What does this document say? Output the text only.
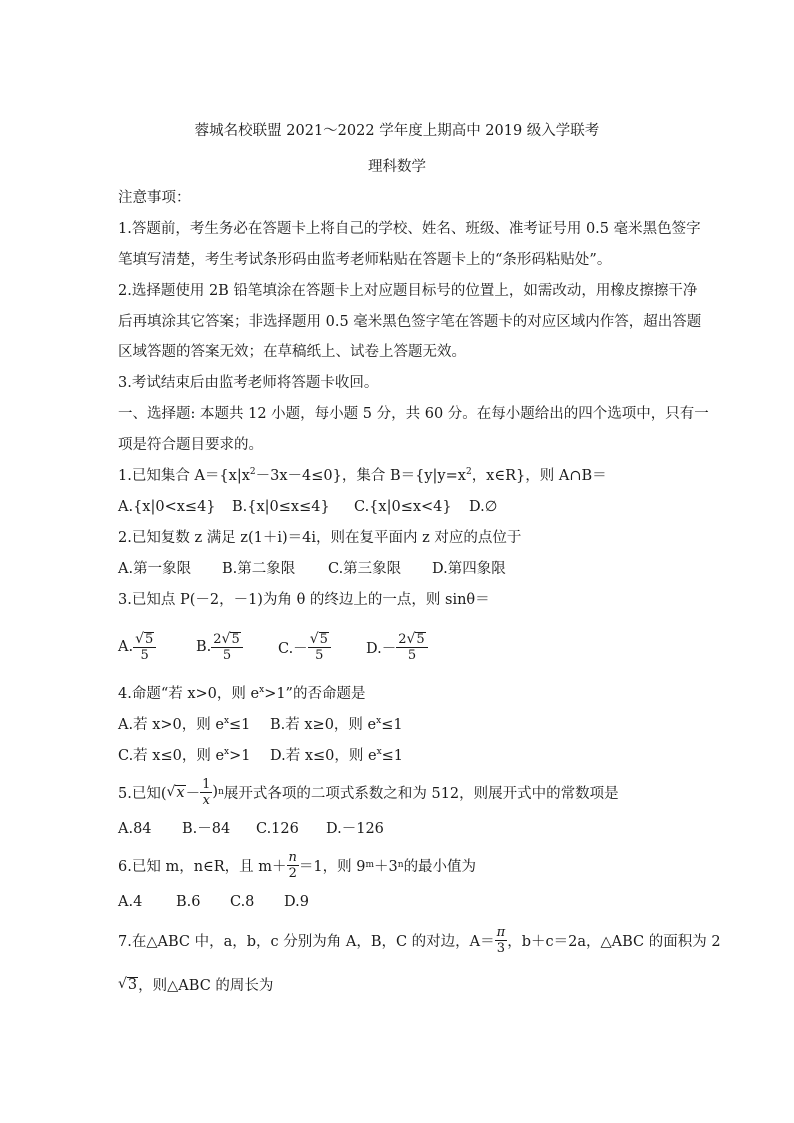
蓉城名校联盟 2021～2022 学年度上期高中 2019 级入学联考
理科数学
注意事项：
1.答题前，考生务必在答题卡上将自己的学校、姓名、班级、准考证号用 0.5 毫米黑色签字
笔填写清楚，考生考试条形码由监考老师粘贴在答题卡上的“条形码粘贴处”。
2.选择题使用 2B 铅笔填涂在答题卡上对应题目标号的位置上，如需改动，用橡皮擦擦干净
后再填涂其它答案；非选择题用 0.5 毫米黑色签字笔在答题卡的对应区域内作答，超出答题
区域答题的答案无效；在草稿纸上、试卷上答题无效。
3.考试结束后由监考老师将答题卡收回。
一、选择题: 本题共 12 小题，每小题 5 分，共 60 分。在每小题给出的四个选项中，只有一
项是符合题目要求的。
1.已知集合 $A=\{x|x^2-3x-4\le 0\}$，集合 $B=\{y|y=x^2$，x∈R}，则 A∩B＝
A.{x|0<x≤4} B.{x|0≤x≤4} C.{x|0≤x<4} D.∅
2.已知复数 z 满足 z(1＋i)＝4i，则在复平面内 z 对应的点位于
A.第一象限 B.第二象限 C.第三象限 D.第四象限
3.已知点 P(－2，－1)为角 θ 的终边上的一点，则 sinθ＝
A. $\frac{√5}{5}$	B. $\frac{2√5}{5} C.- \frac{√5}{5} D.- \frac{2√5}{5}$
4.命题“若 x>0，则 $e^x>1$”的否命题是
A.若 x>0，则 $e^x\le 1$ B.若 x≥0，则 $e^x\le 1$
C.若 x≤0，则 $e^x>1$ D.若 x≤0，则 $e^x\le 1$
5.已知( √ $x - \frac{1}{x}$ ) n 展开式各项的二项式系数之和为 512，则展开式中的常数项是
A.84 B.－84 C.126 D.－126
6.已知 m，n∈R，且 $m+ \frac{n}{2} =1$，则 9 m ＋3 n 的最小值为
A.4 B.6 C.8 D.9
7.在△ABC 中，a，b，c 分别为角 A，B，C 的对边，$A= \frac{\pi}{3}$ ，b＋c＝2a，△ABC 的面积为 2
√ 3 ，则△ABC 的周长为
